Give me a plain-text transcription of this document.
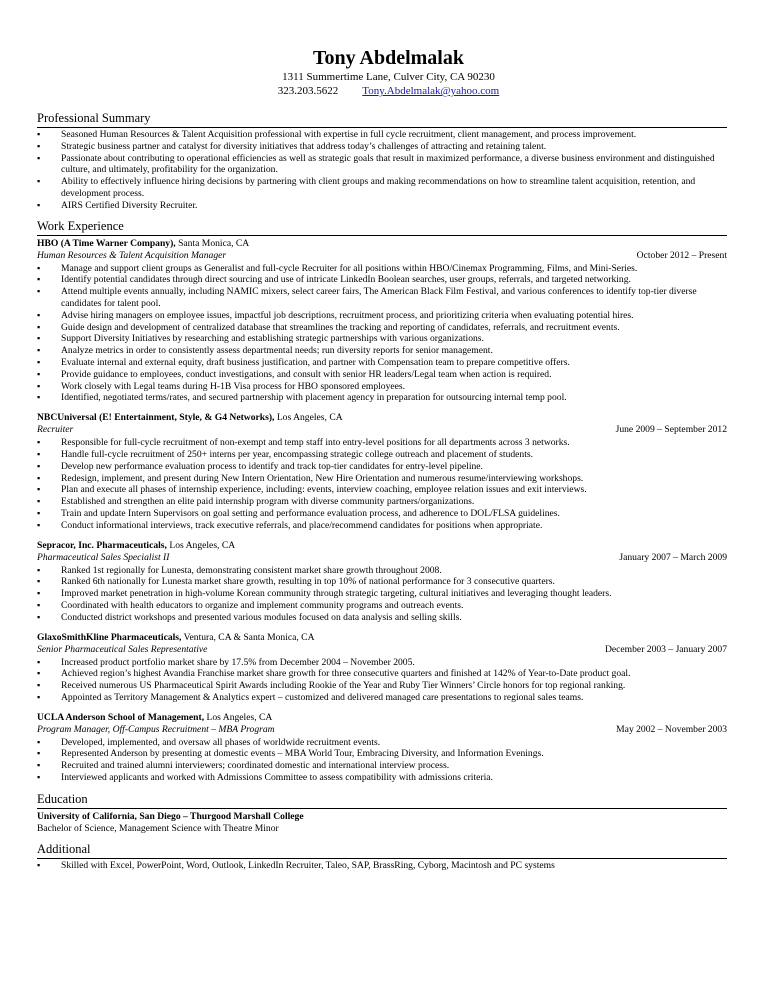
Tony Abdelmalak
1311 Summertime Lane, Culver City, CA 90230
323.203.5622 Tony.Abdelmalak@yahoo.com
Professional Summary
▪ Seasoned Human Resources & Talent Acquisition professional with expertise in full cycle recruitment, client management, and process improvement.
▪ Strategic business partner and catalyst for diversity initiatives that address today’s challenges of attracting and retaining talent.
▪ Passionate about contributing to operational efficiencies as well as strategic goals that result in maximized performance, a diverse business environment and distinguished culture, and ultimately, profitability for the organization.
▪ Ability to effectively influence hiring decisions by partnering with client groups and making recommendations on how to streamline talent acquisition, retention, and development process.
▪ AIRS Certified Diversity Recruiter.
Work Experience
HBO (A Time Warner Company), Santa Monica, CA
Human Resources & Talent Acquisition Manager	October 2012 – Present
▪ Manage and support client groups as Generalist and full-cycle Recruiter for all positions within HBO/Cinemax Programming, Films, and Mini-Series.
▪ Identify potential candidates through direct sourcing and use of intricate LinkedIn Boolean searches, user groups, referrals, and targeted networking.
▪ Attend multiple events annually, including NAMIC mixers, select career fairs, The American Black Film Festival, and various conferences to identify top-tier diverse candidates for talent pool.
▪ Advise hiring managers on employee issues, impactful job descriptions, recruitment process, and prioritizing criteria when evaluating potential hires.
▪ Guide design and development of centralized database that streamlines the tracking and reporting of candidates, referrals, and recruitment events.
▪ Support Diversity Initiatives by researching and establishing strategic partnerships with various organizations.
▪ Analyze metrics in order to consistently assess departmental needs; run diversity reports for senior management.
▪ Evaluate internal and external equity, draft business justification, and partner with Compensation team to prepare competitive offers.
▪ Provide guidance to employees, conduct investigations, and consult with senior HR leaders/Legal team when action is required.
▪ Work closely with Legal teams during H-1B Visa process for HBO sponsored employees.
▪ Identified, negotiated terms/rates, and secured partnership with placement agency in preparation for outsourcing internal temp pool.
NBCUniversal (E! Entertainment, Style, & G4 Networks), Los Angeles, CA
Recruiter	June 2009 – September 2012
▪ Responsible for full-cycle recruitment of non-exempt and temp staff into entry-level positions for all departments across 3 networks.
▪ Handle full-cycle recruitment of 250+ interns per year, encompassing strategic college outreach and placement of students.
▪ Develop new performance evaluation process to identify and track top-tier candidates for entry-level pipeline.
▪ Redesign, implement, and present during New Intern Orientation, New Hire Orientation and numerous resume/interviewing workshops.
▪ Plan and execute all phases of internship experience, including: events, interview coaching, employee relation issues and exit interviews.
▪ Established and strengthen an elite paid internship program with diverse community partners/organizations.
▪ Train and update Intern Supervisors on goal setting and performance evaluation process, and adherence to DOL/FLSA guidelines.
▪ Conduct informational interviews, track executive referrals, and place/recommend candidates for positions when appropriate.
Sepracor, Inc. Pharmaceuticals, Los Angeles, CA
Pharmaceutical Sales Specialist II	January 2007 – March 2009
▪ Ranked 1st regionally for Lunesta, demonstrating consistent market share growth throughout 2008.
▪ Ranked 6th nationally for Lunesta market share growth, resulting in top 10% of national performance for 3 consecutive quarters.
▪ Improved market penetration in high-volume Korean community through strategic targeting, cultural initiatives and leveraging thought leaders.
▪ Coordinated with health educators to organize and implement community programs and outreach events.
▪ Conducted district workshops and presented various modules focused on data analysis and selling skills.
GlaxoSmithKline Pharmaceuticals, Ventura, CA & Santa Monica, CA
Senior Pharmaceutical Sales Representative	December 2003 – January 2007
▪ Increased product portfolio market share by 17.5% from December 2004 – November 2005.
▪ Achieved region’s highest Avandia Franchise market share growth for three consecutive quarters and finished at 142% of Year-to-Date product goal.
▪ Received numerous US Pharmaceutical Spirit Awards including Rookie of the Year and Ruby Tier Winners’ Circle honors for top regional ranking.
▪ Appointed as Territory Management & Analytics expert – customized and delivered managed care presentations to regional sales teams.
UCLA Anderson School of Management, Los Angeles, CA
Program Manager, Off-Campus Recruitment – MBA Program	May 2002 – November 2003
▪ Developed, implemented, and oversaw all phases of worldwide recruitment events.
▪ Represented Anderson by presenting at domestic events – MBA World Tour, Embracing Diversity, and Information Evenings.
▪ Recruited and trained alumni interviewers; coordinated domestic and international interview process.
▪ Interviewed applicants and worked with Admissions Committee to assess compatibility with admissions criteria.
Education
University of California, San Diego – Thurgood Marshall College
Bachelor of Science, Management Science with Theatre Minor
Additional
▪ Skilled with Excel, PowerPoint, Word, Outlook, LinkedIn Recruiter, Taleo, SAP, BrassRing, Cyborg, Macintosh and PC systems
